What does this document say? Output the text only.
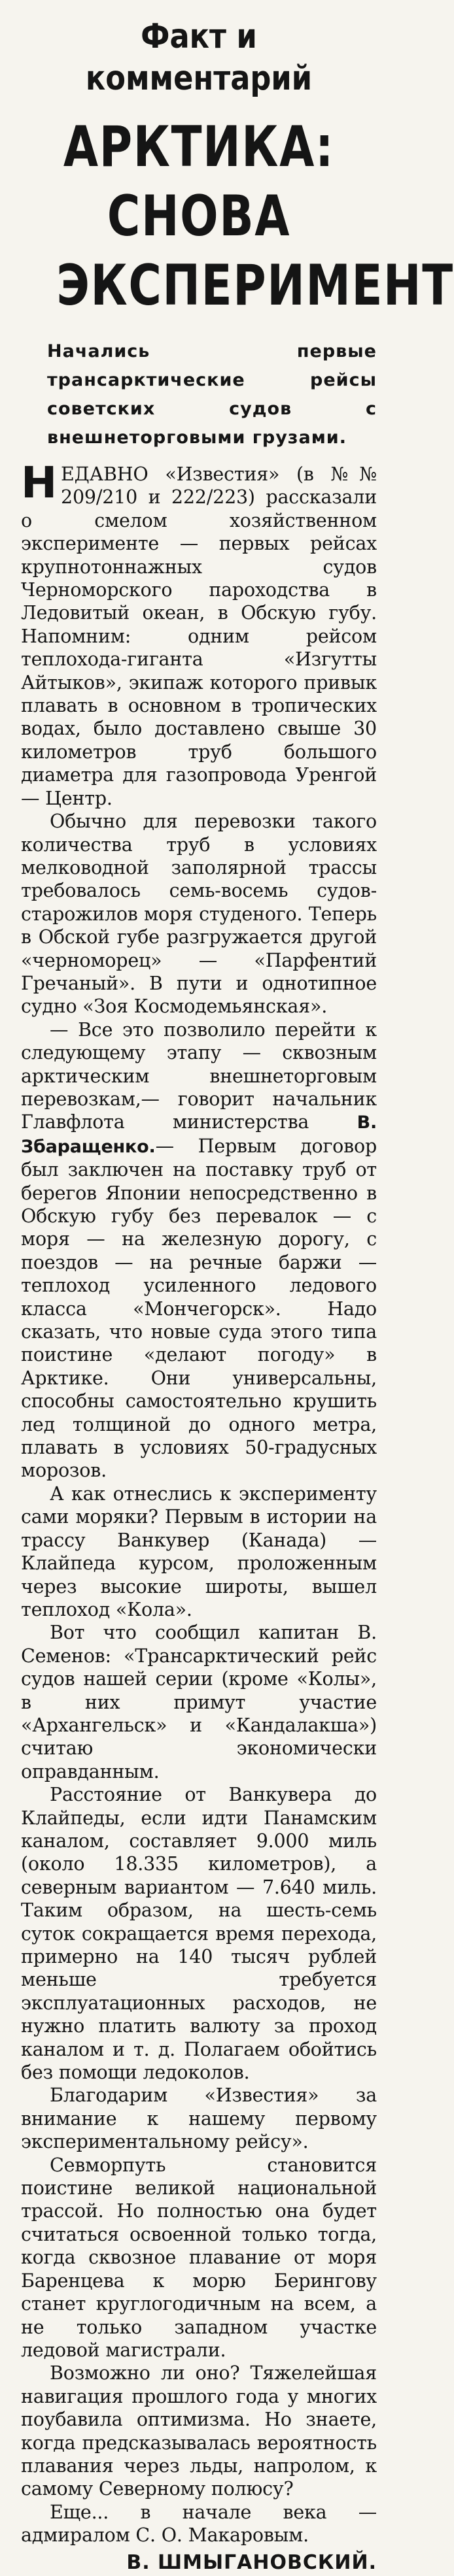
Факт и комментарий
АРКТИКА:
СНОВА
ЭКСПЕРИМЕНТ
Начались первые трансарктические рейсы советских судов с внешнеторговыми грузами.

НЕДАВНО «Известия» (в №№ 209/210 и 222/223) рассказали о смелом хозяйственном эксперименте — первых рейсах крупнотоннажных судов Черноморского пароходства в Ледовитый океан, в Обскую губу. Напомним: одним рейсом теплохода-гиганта «Изгутты Айтыков», экипаж которого привык плавать в основном в тропических водах, было доставлено свыше 30 километров труб большого диаметра для газопровода Уренгой — Центр.

Обычно для перевозки такого количества труб в условиях мелководной заполярной трассы требовалось семь-восемь судов-старожилов моря студеного. Теперь в Обской губе разгружается другой «черноморец» — «Парфентий Гречаный». В пути и однотипное судно «Зоя Космодемьянская».

— Все это позволило перейти к следующему этапу — сквозным арктическим внешнеторговым перевозкам,— говорит начальник Главфлота министерства В. Збаращенко.— Первым договор был заключен на поставку труб от берегов Японии непосредственно в Обскую губу без перевалок — с моря — на железную дорогу, с поездов — на речные баржи — теплоход усиленного ледового класса «Мончегорск». Надо сказать, что новые суда этого типа поистине «делают погоду» в Арктике. Они универсальны, способны самостоятельно крушить лед толщиной до одного метра, плавать в условиях 50-градусных морозов.

А как отнеслись к эксперименту сами моряки? Первым в истории на трассу Ванкувер (Канада) — Клайпеда курсом, проложенным через высокие широты, вышел теплоход «Кола».

Вот что сообщил капитан В. Семенов: «Трансарктический рейс судов нашей серии (кроме «Колы», в них примут участие «Архангельск» и «Кандалакша») считаю экономически оправданным.

Расстояние от Ванкувера до Клайпеды, если идти Панамским каналом, составляет 9.000 миль (около 18.335 километров), а северным вариантом — 7.640 миль. Таким образом, на шесть-семь суток сокращается время перехода, примерно на 140 тысяч рублей меньше требуется эксплуатационных расходов, не нужно платить валюту за проход каналом и т. д. Полагаем обойтись без помощи ледоколов.

Благодарим «Известия» за внимание к нашему первому экспериментальному рейсу».

Севморпуть становится поистине великой национальной трассой. Но полностью она будет считаться освоенной только тогда, когда сквозное плавание от моря Баренцева к морю Берингову станет круглогодичным на всем, а не только западном участке ледовой магистрали.

Возможно ли оно? Тяжелейшая навигация прошлого года у многих поубавила оптимизма. Но знаете, когда предсказывалась вероятность плавания через льды, напролом, к самому Северному полюсу?

Еще... в начале века — адмиралом С. О. Макаровым.

В. ШМЫГАНОВСКИЙ.
